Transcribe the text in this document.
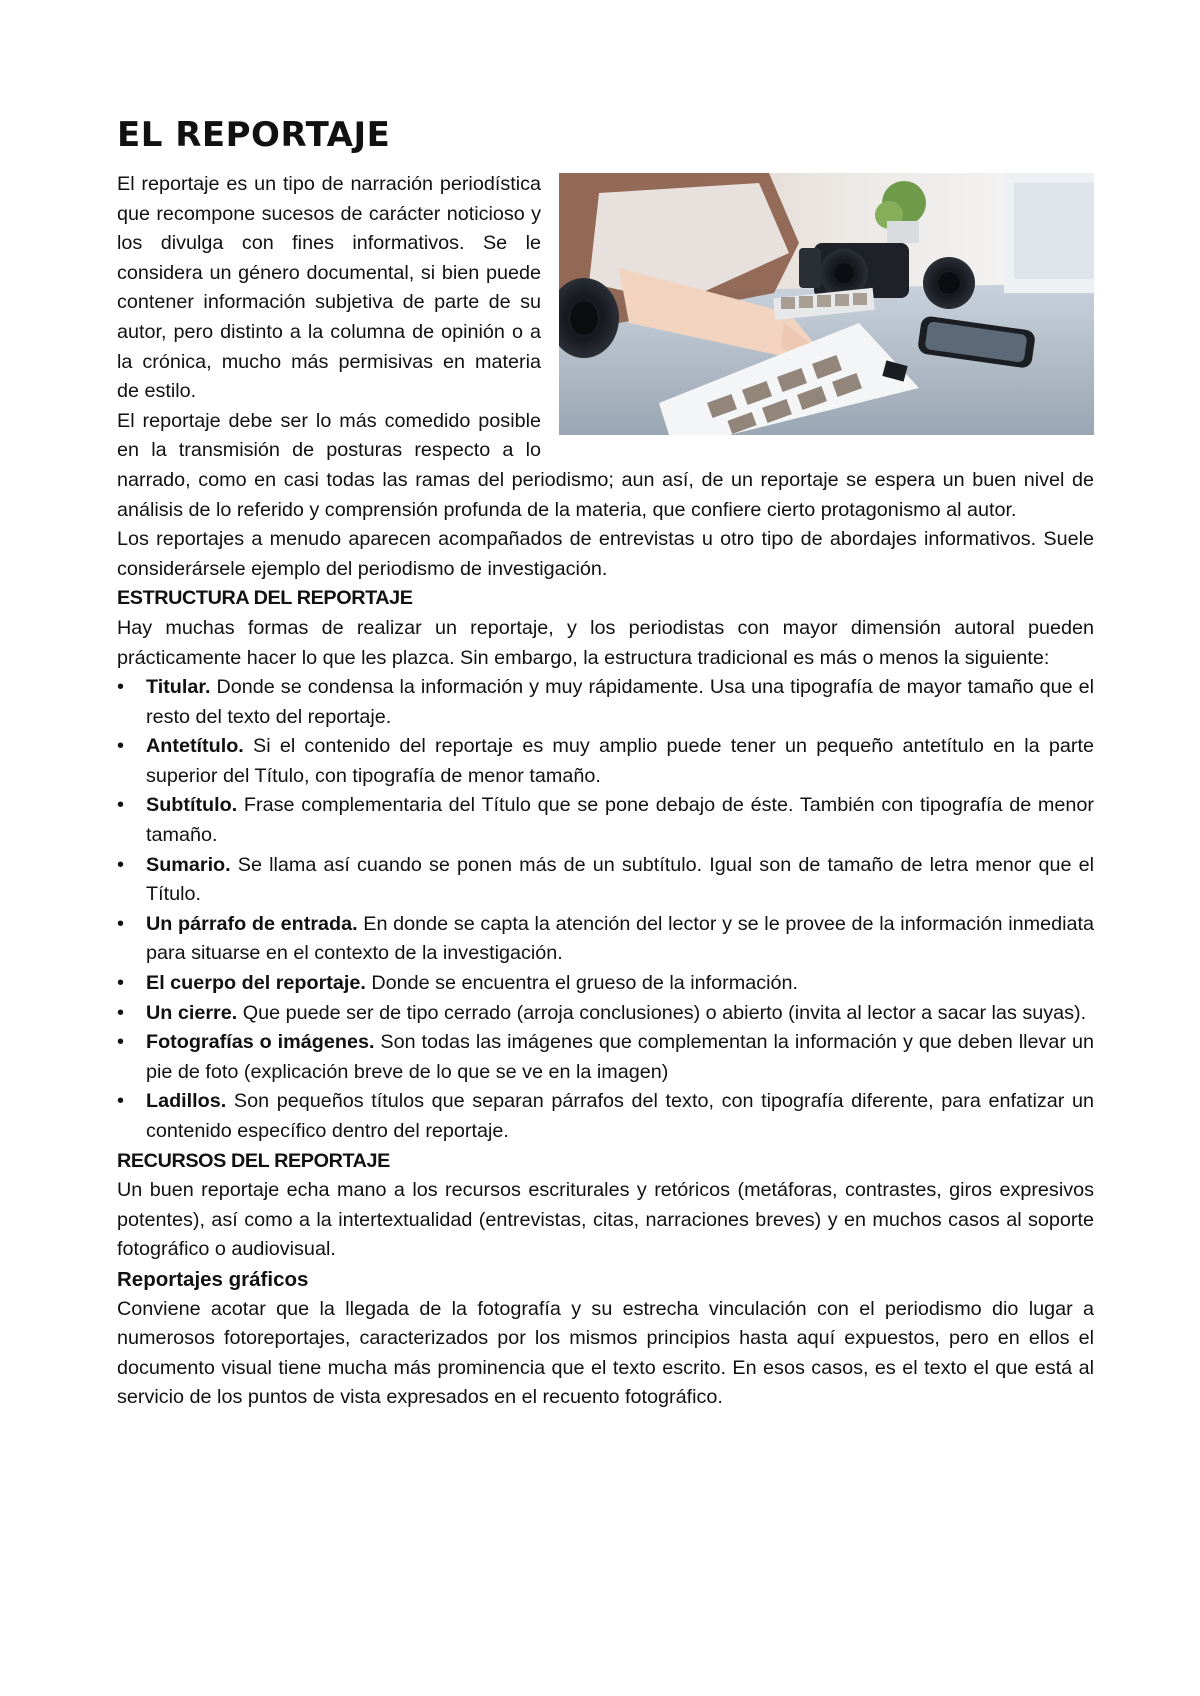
EL REPORTAJE

El reportaje es un tipo de narración periodística que recompone sucesos de carácter noticioso y los divulga con fines informativos. Se le considera un género documental, si bien puede contener información subjetiva de parte de su autor, pero distinto a la columna de opinión o a la crónica, mucho más permisivas en materia de estilo.

El reportaje debe ser lo más comedido posible en la transmisión de posturas respecto a lo narrado, como en casi todas las ramas del periodismo; aun así, de un reportaje se espera un buen nivel de análisis de lo referido y comprensión profunda de la materia, que confiere cierto protagonismo al autor.

Los reportajes a menudo aparecen acompañados de entrevistas u otro tipo de abordajes informativos. Suele considerársele ejemplo del periodismo de investigación.

ESTRUCTURA DEL REPORTAJE

Hay muchas formas de realizar un reportaje, y los periodistas con mayor dimensión autoral pueden prácticamente hacer lo que les plazca. Sin embargo, la estructura tradicional es más o menos la siguiente:

•	Titular. Donde se condensa la información y muy rápidamente. Usa una tipografía de mayor tamaño que el resto del texto del reportaje.
•	Antetítulo. Si el contenido del reportaje es muy amplio puede tener un pequeño antetítulo en la parte superior del Título, con tipografía de menor tamaño.
•	Subtítulo. Frase complementaria del Título que se pone debajo de éste. También con tipografía de menor tamaño.
•	Sumario. Se llama así cuando se ponen más de un subtítulo. Igual son de tamaño de letra menor que el Título.
•	Un párrafo de entrada. En donde se capta la atención del lector y se le provee de la información inmediata para situarse en el contexto de la investigación.
•	El cuerpo del reportaje. Donde se encuentra el grueso de la información.
•	Un cierre. Que puede ser de tipo cerrado (arroja conclusiones) o abierto (invita al lector a sacar las suyas).
•	Fotografías o imágenes. Son todas las imágenes que complementan la información y que deben llevar un pie de foto (explicación breve de lo que se ve en la imagen)
•	Ladillos. Son pequeños títulos que separan párrafos del texto, con tipografía diferente, para enfatizar un contenido específico dentro del reportaje.
RECURSOS DEL REPORTAJE

Un buen reportaje echa mano a los recursos escriturales y retóricos (metáforas, contrastes, giros expresivos potentes), así como a la intertextualidad (entrevistas, citas, narraciones breves) y en muchos casos al soporte fotográfico o audiovisual.

Reportajes gráficos

Conviene acotar que la llegada de la fotografía y su estrecha vinculación con el periodismo dio lugar a numerosos fotoreportajes, caracterizados por los mismos principios hasta aquí expuestos, pero en ellos el documento visual tiene mucha más prominencia que el texto escrito. En esos casos, es el texto el que está al servicio de los puntos de vista expresados en el recuento fotográfico.
